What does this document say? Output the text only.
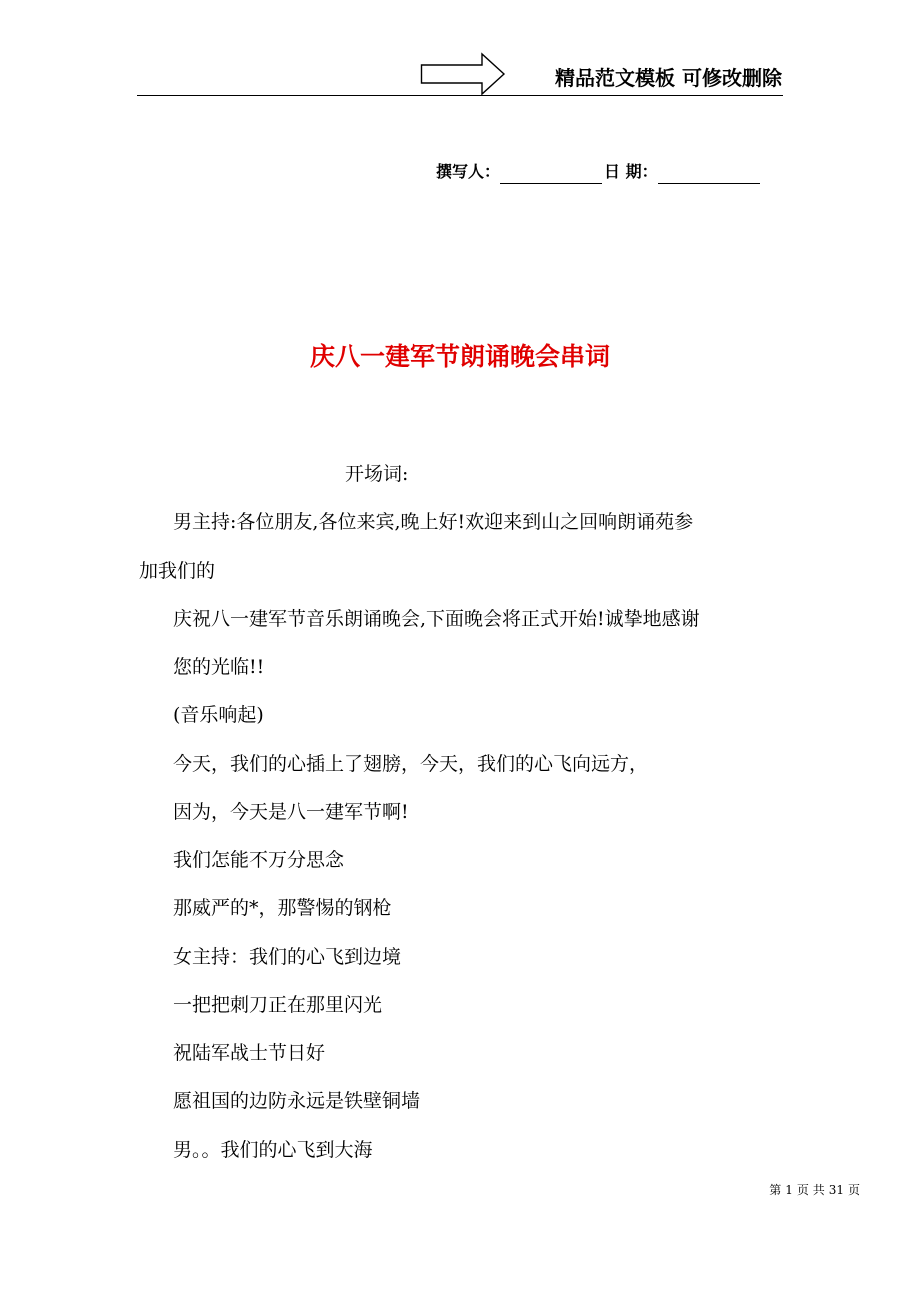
精品范文模板 可修改删除
撰写人：	日 期：
庆八一建军节朗诵晚会串词
开场词:
男主持:各位朋友,各位来宾,晚上好!欢迎来到山之回响朗诵苑参
加我们的
庆祝八一建军节音乐朗诵晚会,下面晚会将正式开始!诚挚地感谢
您的光临!!
(音乐响起)
今天，我们的心插上了翅膀，今天，我们的心飞向远方，
因为，今天是八一建军节啊!
我们怎能不万分思念
那威严的*，那警惕的钢枪
女主持：我们的心飞到边境
一把把刺刀正在那里闪光
祝陆军战士节日好
愿祖国的边防永远是铁壁铜墙
男。。我们的心飞到大海
第 1 页 共 31 页
